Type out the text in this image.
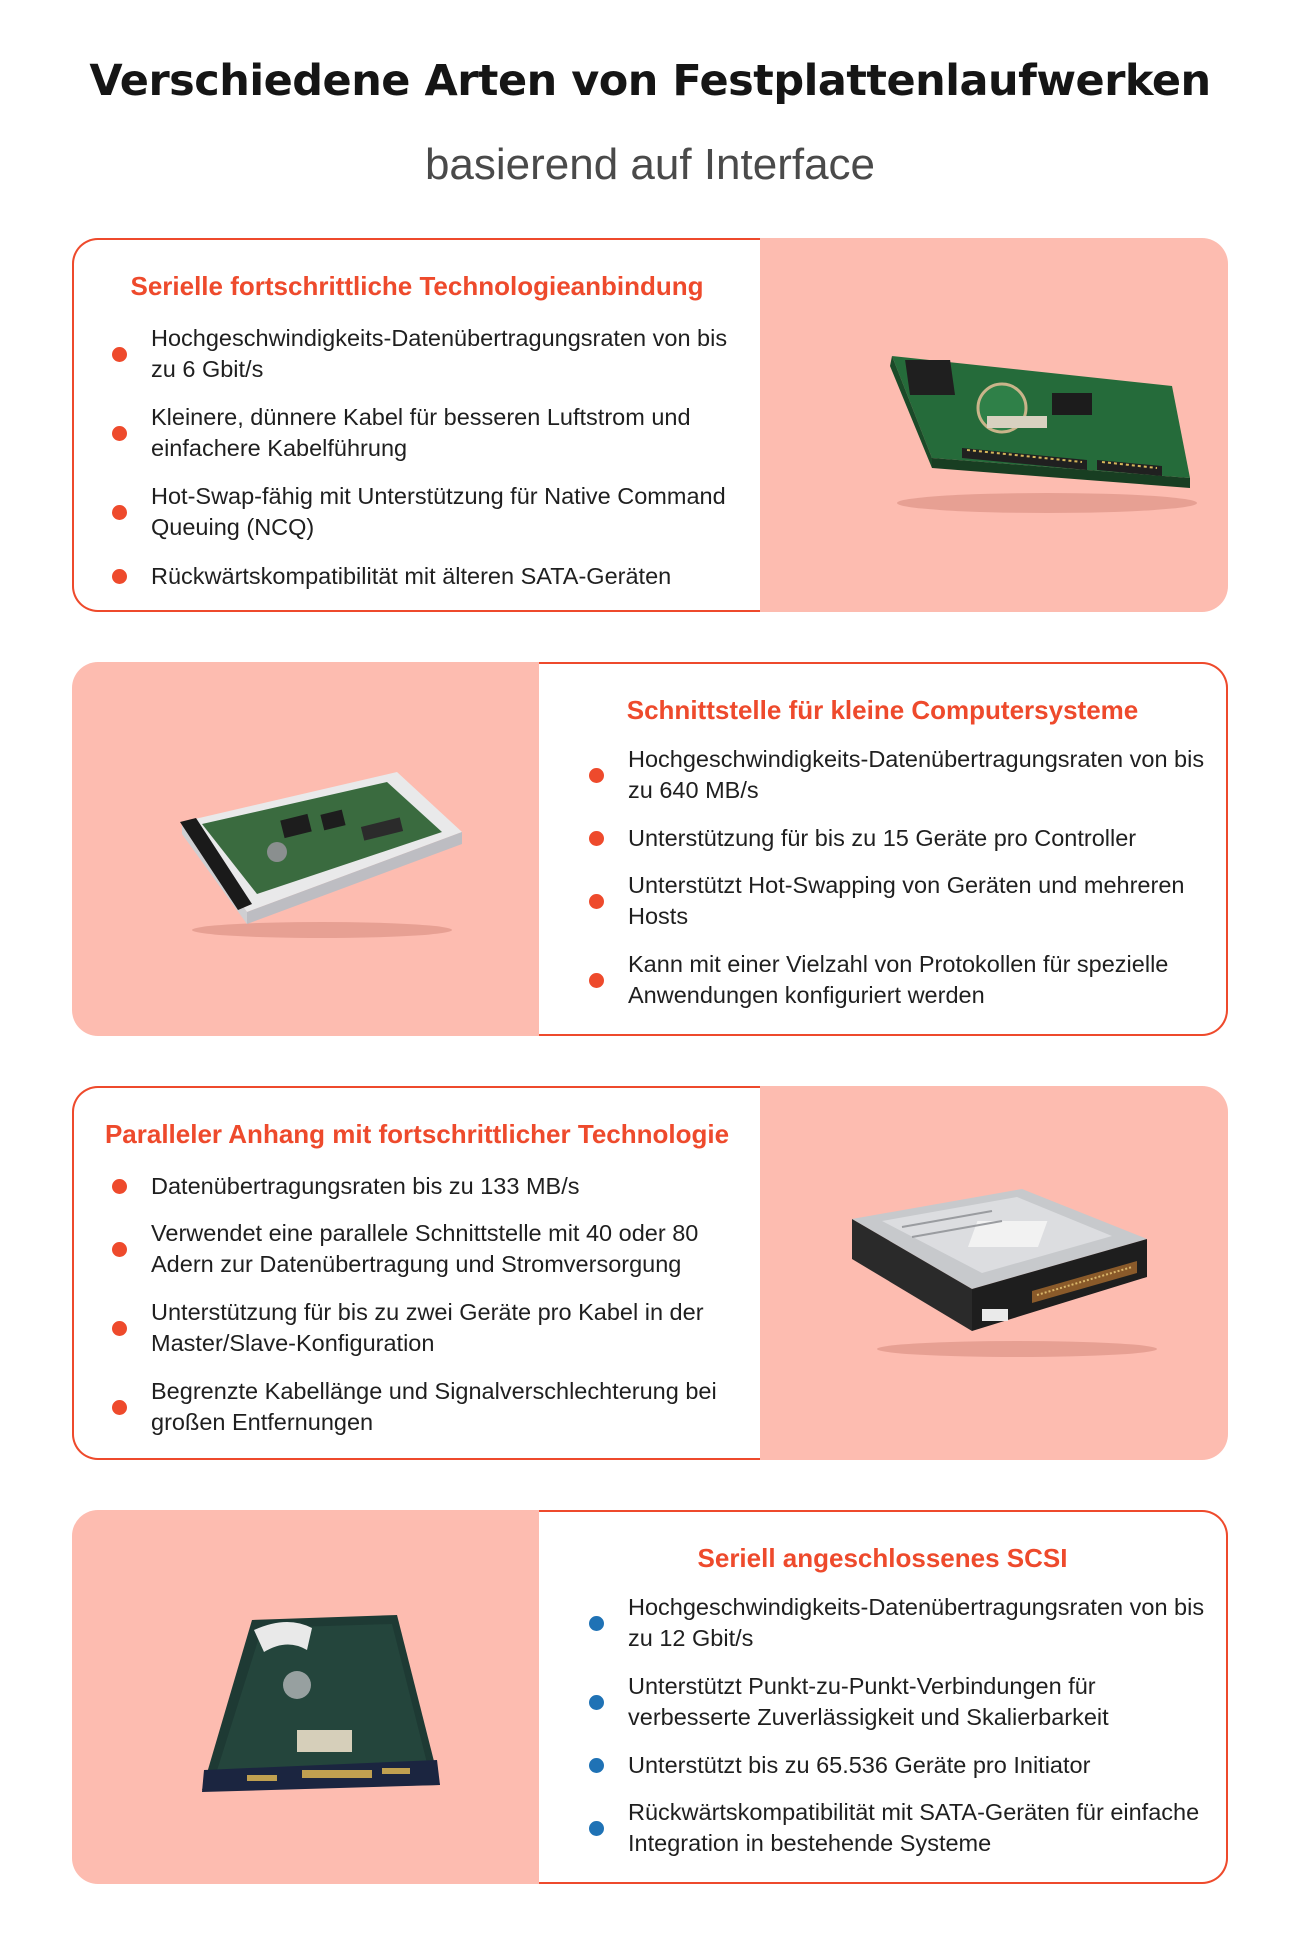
Verschiedene Arten von Festplattenlaufwerken
basierend auf Interface
Serielle fortschrittliche Technologieanbindung
Hochgeschwindigkeits-Datenübertragungsraten von bis zu 6 Gbit/s
Kleinere, dünnere Kabel für besseren Luftstrom und einfachere Kabelführung
Hot-Swap-fähig mit Unterstützung für Native Command Queuing (NCQ)
Rückwärtskompatibilität mit älteren SATA-Geräten
Schnittstelle für kleine Computersysteme
Hochgeschwindigkeits-Datenübertragungsraten von bis zu 640 MB/s
Unterstützung für bis zu 15 Geräte pro Controller
Unterstützt Hot-Swapping von Geräten und mehreren Hosts
Kann mit einer Vielzahl von Protokollen für spezielle Anwendungen konfiguriert werden
Paralleler Anhang mit fortschrittlicher Technologie
Datenübertragungsraten bis zu 133 MB/s
Verwendet eine parallele Schnittstelle mit 40 oder 80 Adern zur Datenübertragung und Stromversorgung
Unterstützung für bis zu zwei Geräte pro Kabel in der Master/Slave-Konfiguration
Begrenzte Kabellänge und Signalverschlechterung bei großen Entfernungen
Seriell angeschlossenes SCSI
Hochgeschwindigkeits-Datenübertragungsraten von bis zu 12 Gbit/s
Unterstützt Punkt-zu-Punkt-Verbindungen für verbesserte Zuverlässigkeit und Skalierbarkeit
Unterstützt bis zu 65.536 Geräte pro Initiator
Rückwärtskompatibilität mit SATA-Geräten für einfache Integration in bestehende Systeme
